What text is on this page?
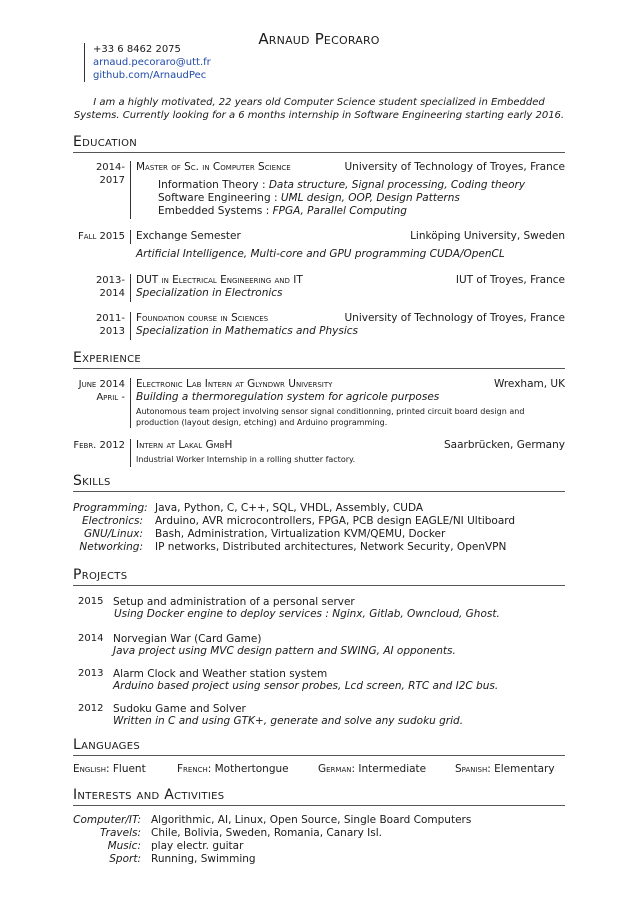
Arnaud Pecoraro
+33 6 8462 2075
arnaud.pecoraro@utt.fr
github.com/ArnaudPec
I am a highly motivated, 22 years old Computer Science student specialized in Embedded Systems. Currently looking for a 6 months internship in Software Engineering starting early 2016.
Education
2014-2017
Master of Sc. in Computer Science	University of Technology of Troyes, France
Information Theory : Data structure, Signal processing, Coding theory
Software Engineering : UML design, OOP, Design Patterns
Embedded Systems : FPGA, Parallel Computing
Fall 2015 Exchange Semester	Linköping University, Sweden
Artificial Intelligence, Multi-core and GPU programming CUDA/OpenCL
2013-2014
DUT in Electrical Engineering and IT	IUT of Troyes, France
Specialization in Electronics
2011-2013
Foundation course in Sciences	University of Technology of Troyes, France
Specialization in Mathematics and Physics
Experience
June 2014
April -
Electronic Lab Intern at Glyndwr University	Wrexham, UK
Building a thermoregulation system for agricole purposes
Autonomous team project involving sensor signal conditionning, printed circuit board design and production (layout design, etching) and Arduino programming.
Febr. 2012 Intern at Lakal GmbH	Saarbrücken, Germany
Industrial Worker Internship in a rolling shutter factory.
Skills
Programming: Java, Python, C, C++, SQL, VHDL, Assembly, CUDA
Electronics: Arduino, AVR microcontrollers, FPGA, PCB design EAGLE/NI Ultiboard
GNU/Linux: Bash, Administration, Virtualization KVM/QEMU, Docker
Networking: IP networks, Distributed architectures, Network Security, OpenVPN
Projects
2015 Setup and administration of a personal server
Using Docker engine to deploy services : Nginx, Gitlab, Owncloud, Ghost.
2014 Norvegian War (Card Game)
Java project using MVC design pattern and SWING, AI opponents.
2013 Alarm Clock and Weather station system
Arduino based project using sensor probes, Lcd screen, RTC and I2C bus.
2012 Sudoku Game and Solver
Written in C and using GTK+, generate and solve any sudoku grid.
Languages
English: Fluent	French: Mothertongue	German: Intermediate	Spanish: Elementary
Interests and Activities
Computer/IT: Algorithmic, AI, Linux, Open Source, Single Board Computers
Travels: Chile, Bolivia, Sweden, Romania, Canary Isl.
Music: play electr. guitar
Sport: Running, Swimming
